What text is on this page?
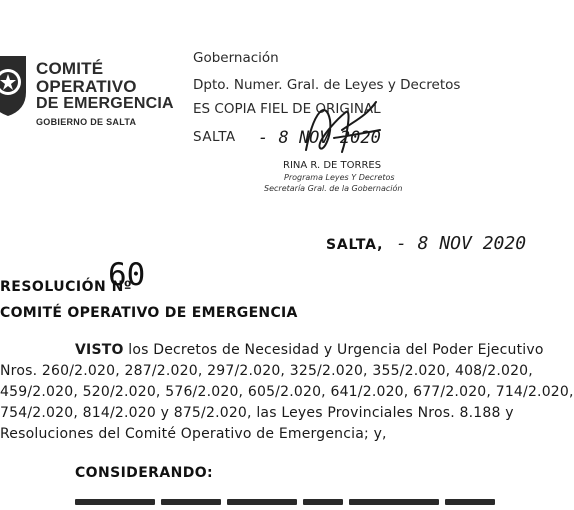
COMITÉ
OPERATIVO
DE EMERGENCIA
GOBIERNO DE SALTA
Gobernación
Dpto. Numer. Gral. de Leyes y Decretos
ES COPIA FIEL DE ORIGINAL
SALTA - 8 NOV 2020
RINA R. DE TORRES
Programa Leyes Y Decretos
Secretaría Gral. de la Gobernación
SALTA, - 8 NOV 2020
RESOLUCIÓN Nº
60
COMITÉ OPERATIVO DE EMERGENCIA
VISTO los Decretos de Necesidad y Urgencia del Poder Ejecutivo
Nros. 260/2.020, 287/2.020, 297/2.020, 325/2.020, 355/2.020, 408/2.020,
459/2.020, 520/2.020, 576/2.020, 605/2.020, 641/2.020, 677/2.020, 714/2.020,
754/2.020, 814/2.020 y 875/2.020, las Leyes Provinciales Nros. 8.188 y
Resoluciones del Comité Operativo de Emergencia; y,
CONSIDERANDO:
